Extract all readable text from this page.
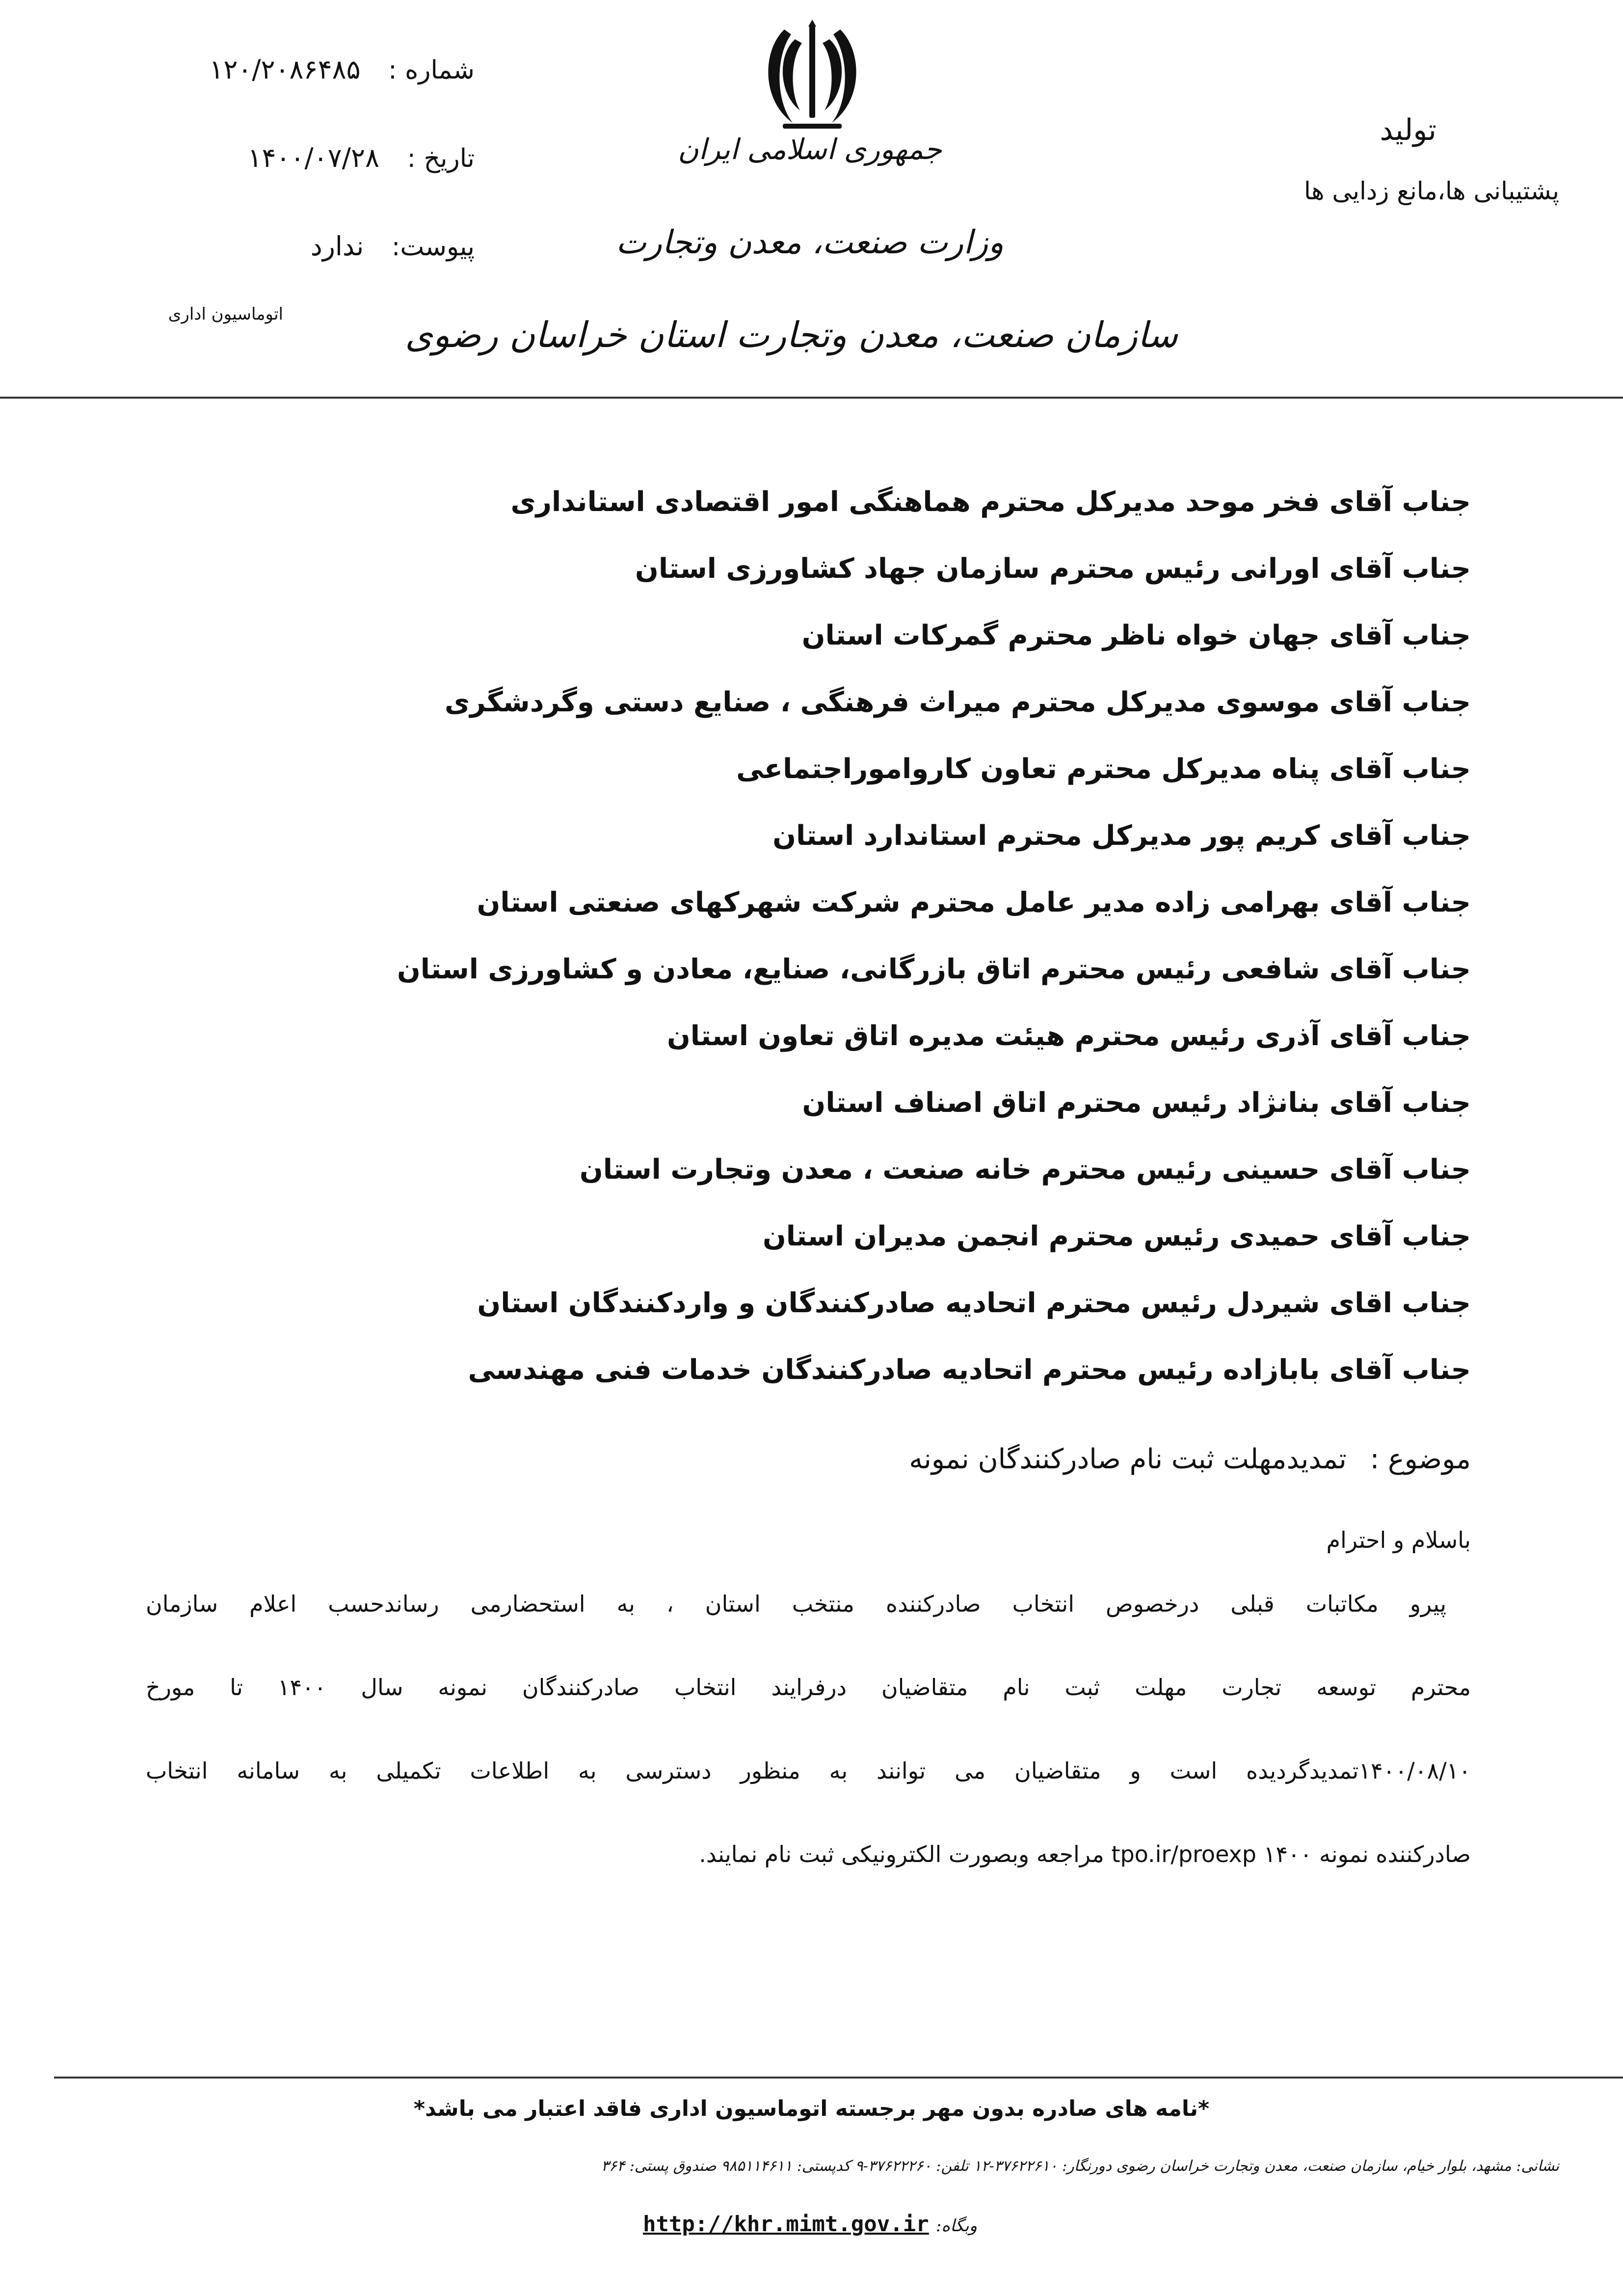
جمهوری اسلامی ایران
وزارت صنعت، معدن وتجارت
سازمان صنعت، معدن وتجارت استان خراسان رضوی
شماره : ۱۲۰/۲۰۸۶۴۸۵
تاریخ : ۱۴۰۰/۰۷/۲۸
پیوست: ندارد
اتوماسیون اداری
تولید
پشتیبانی ها،مانع زدایی ها
جناب آقای فخر موحد مدیرکل محترم هماهنگی امور اقتصادی استانداری
جناب آقای اورانی رئیس محترم سازمان جهاد کشاورزی استان
جناب آقای جهان خواه ناظر محترم گمرکات استان
جناب آقای موسوی مدیرکل محترم میراث فرهنگی ، صنایع دستی وگردشگری
جناب آقای پناه مدیرکل محترم تعاون کارواموراجتماعی
جناب آقای کریم پور مدیرکل محترم استاندارد استان
جناب آقای بهرامی زاده مدیر عامل محترم شرکت شهرکهای صنعتی استان
جناب آقای شافعی رئیس محترم اتاق بازرگانی، صنایع، معادن و کشاورزی استان
جناب آقای آذری رئیس محترم هیئت مدیره اتاق تعاون استان
جناب آقای بنانژاد رئیس محترم اتاق اصناف استان
جناب آقای حسینی رئیس محترم خانه صنعت ، معدن وتجارت استان
جناب آقای حمیدی رئیس محترم انجمن مدیران استان
جناب اقای شیردل رئیس محترم اتحادیه صادرکنندگان و واردکنندگان استان
جناب آقای بابازاده رئیس محترم اتحادیه صادرکنندگان خدمات فنی مهندسی
موضوع : تمدیدمهلت ثبت نام صادرکنندگان نمونه
باسلام و احترام
پیرو مکاتبات قبلی درخصوص انتخاب صادرکننده منتخب استان ، به استحضارمی رساندحسب اعلام سازمان
محترم توسعه تجارت مهلت ثبت نام متقاضیان درفرایند انتخاب صادرکنندگان نمونه سال ۱۴۰۰ تا مورخ
۱۴۰۰/۰۸/۱۰تمدیدگردیده است و متقاضیان می توانند به منظور دسترسی به اطلاعات تکمیلی به سامانه انتخاب
صادرکننده نمونه ۱۴۰۰ tpo.ir/proexp مراجعه وبصورت الکترونیکی ثبت نام نمایند.
*نامه های صادره بدون مهر برجسته اتوماسیون اداری فاقد اعتبار می باشد*
نشانی: مشهد، بلوار خیام، سازمان صنعت، معدن وتجارت خراسان رضوی دورنگار: ۳۷۶۲۲۶۱۰-۱۲ تلفن: ۳۷۶۲۲۲۶۰-۹ کدپستی: ۹۸۵۱۱۴۶۱۱ صندوق پستی: ۳۶۴
وبگاه: http://khr.mimt.gov.ir
